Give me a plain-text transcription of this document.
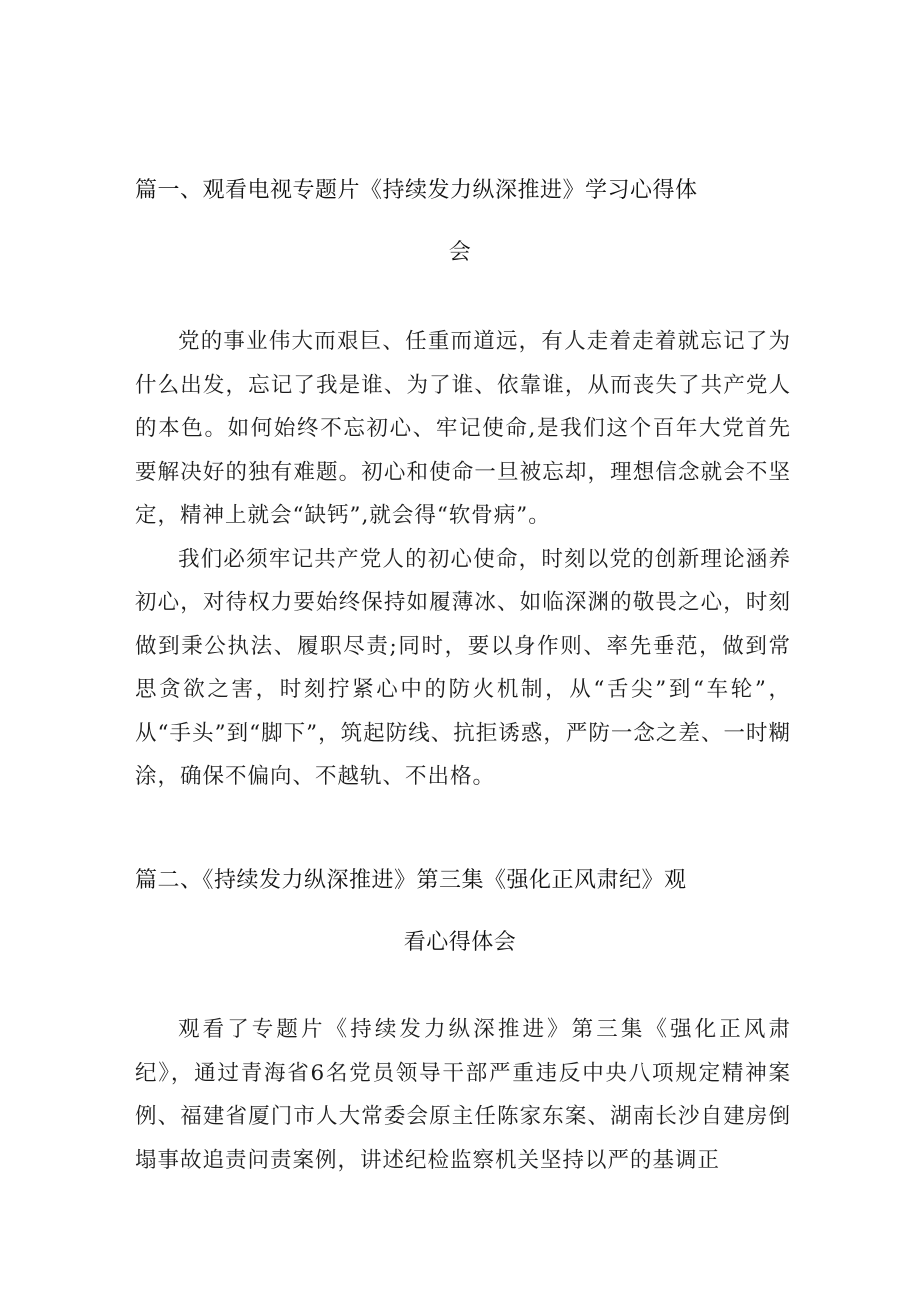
篇一、观看电视专题片《持续发力纵深推进》学习心得体
会

党的事业伟大而艰巨、任重而道远，有人走着走着就忘记了为什么出发，忘记了我是谁、为了谁、依靠谁，从而丧失了共产党人的本色。如何始终不忘初心、牢记使命,是我们这个百年大党首先要解决好的独有难题。初心和使命一旦被忘却，理想信念就会不坚定，精神上就会“缺钙”,就会得“软骨病”。

我们必须牢记共产党人的初心使命，时刻以党的创新理论涵养初心，对待权力要始终保持如履薄冰、如临深渊的敬畏之心，时刻做到秉公执法、履职尽责;同时，要以身作则、率先垂范，做到常思贪欲之害，时刻拧紧心中的防火机制，从“舌尖”到“车轮”，从“手头”到“脚下”，筑起防线、抗拒诱惑，严防一念之差、一时糊涂，确保不偏向、不越轨、不出格。

篇二、《持续发力纵深推进》第三集《强化正风肃纪》观
看心得体会

观看了专题片《持续发力纵深推进》第三集《强化正风肃纪》，通过青海省6名党员领导干部严重违反中央八项规定精神案例、福建省厦门市人大常委会原主任陈家东案、湖南长沙自建房倒塌事故追责问责案例，讲述纪检监察机关坚持以严的基调正
